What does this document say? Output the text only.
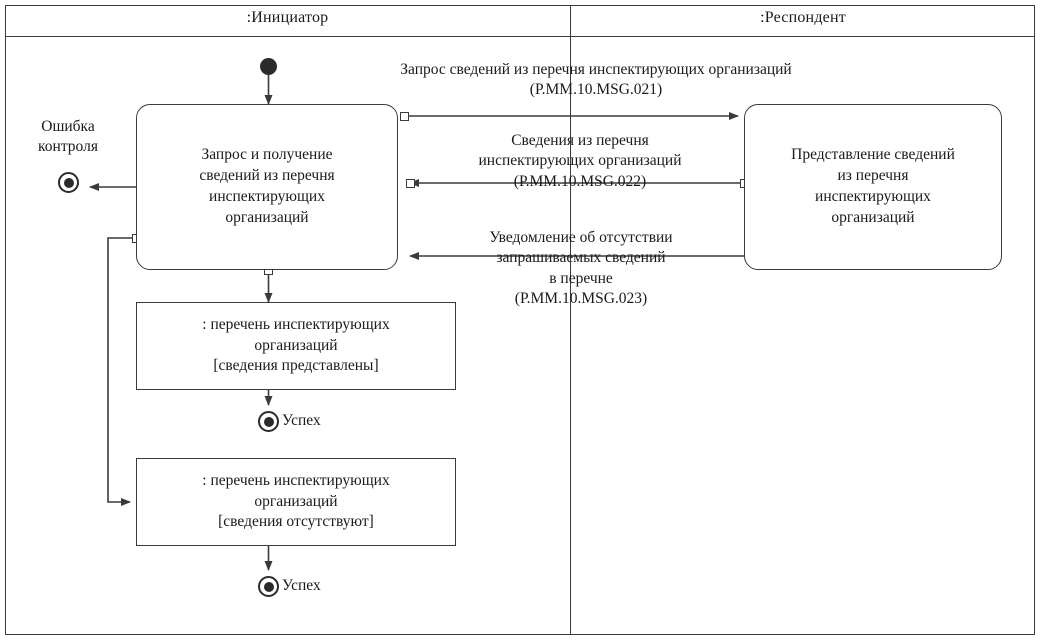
:Инициатор	:Респондент
Запрос и получение
сведений из перечня
инспектирующих
организаций
Представление сведений
из перечня
инспектирующих
организаций
: перечень инспектирующих
организаций
[сведения представлены]
: перечень инспектирующих
организаций
[сведения отсутствуют]
Ошибка
контроля
Запрос сведений из перечня инспектирующих организаций
(Р.ММ.10.MSG.021)
Сведения из перечня
инспектирующих организаций
(Р.ММ.10.MSG.022)
Уведомление об отсутствии
запрашиваемых сведений
в перечне
(Р.ММ.10.MSG.023)
Успех
Успех
